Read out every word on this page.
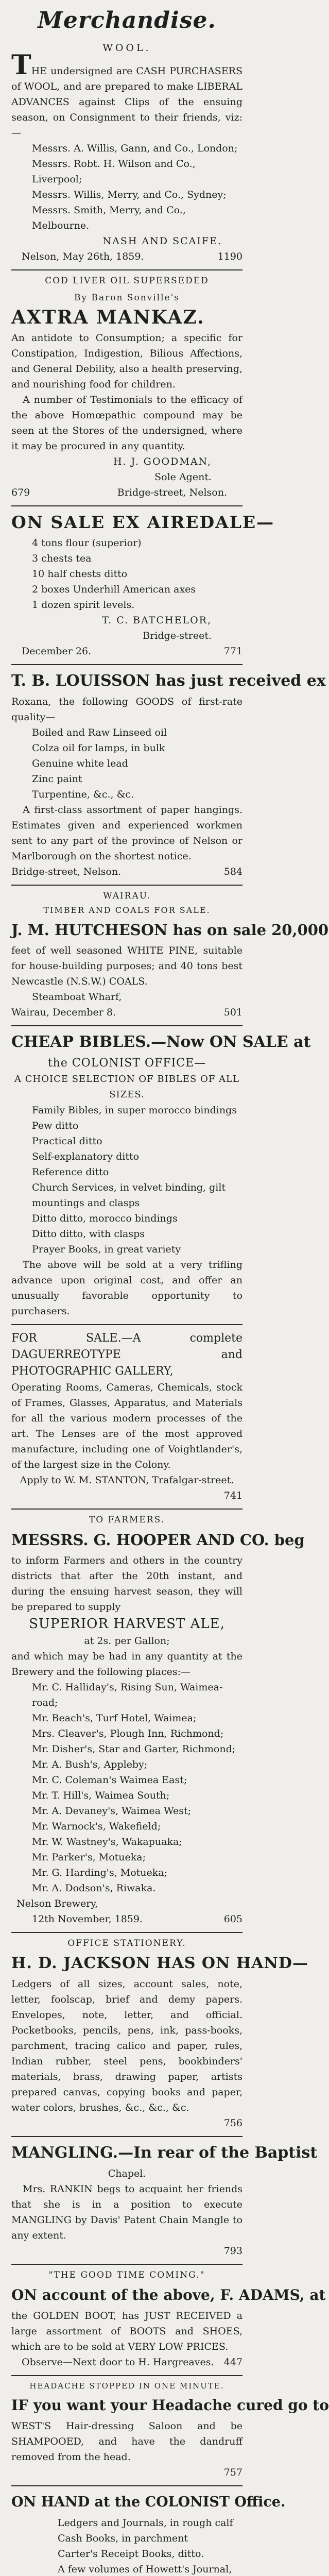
Merchandise.
WOOL.

THE undersigned are CASH PURCHASERS of WOOL, and are prepared to make LIBERAL ADVANCES against Clips of the ensuing season, on Consignment to their friends, viz:—

Messrs. A. Willis, Gann, and Co., London;
Messrs. Robt. H. Wilson and Co., Liverpool;
Messrs. Willis, Merry, and Co., Sydney;
Messrs. Smith, Merry, and Co., Melbourne.
NASH AND SCAIFE.
Nelson, May 26th, 1859.	1190
COD LIVER OIL SUPERSEDED
By Baron Sonville's
AXTRA MANKAZ.

An antidote to Consumption; a specific for Constipation, Indigestion, Bilious Affections, and General Debility, also a health preserving, and nourishing food for children.

A number of Testimonials to the efficacy of the above Homœpathic compound may be seen at the Stores of the undersigned, where it may be procured in any quantity.

H. J. GOODMAN,
Sole Agent.
679	Bridge-street, Nelson.
ON SALE EX AIREDALE—
4 tons flour (superior)
3 chests tea
10 half chests ditto
2 boxes Underhill American axes
1 dozen spirit levels.
T. C. BATCHELOR,
Bridge-street.
December 26.	771
T. B. LOUISSON has just received ex

Roxana, the following GOODS of first-rate quality—

Boiled and Raw Linseed oil
Colza oil for lamps, in bulk
Genuine white lead
Zinc paint
Turpentine, &c., &c.

A first-class assortment of paper hangings. Estimates given and experienced workmen sent to any part of the province of Nelson or Marlborough on the shortest notice.

Bridge-street, Nelson.	584
WAIRAU.
TIMBER AND COALS FOR SALE.
J. M. HUTCHESON has on sale 20,000

feet of well seasoned WHITE PINE, suitable for house-building purposes; and 40 tons best Newcastle (N.S.W.) COALS.

Steamboat Wharf,
Wairau, December 8.	501
CHEAP BIBLES.—Now ON SALE at
the COLONIST OFFICE—
A CHOICE SELECTION OF BIBLES OF ALL SIZES.
Family Bibles, in super morocco bindings
Pew ditto
Practical ditto
Self-explanatory ditto
Reference ditto
Church Services, in velvet binding, gilt mountings and clasps
Ditto ditto, morocco bindings
Ditto ditto, with clasps
Prayer Books, in great variety

The above will be sold at a very trifling advance upon original cost, and offer an unusually favorable opportunity to purchasers.

FOR SALE.—A complete DAGUERREOTYPE and PHOTOGRAPHIC GALLERY,

Operating Rooms, Cameras, Chemicals, stock of Frames, Glasses, Apparatus, and Materials for all the various modern processes of the art. The Lenses are of the most approved manufacture, including one of Voightlander's, of the largest size in the Colony.

Apply to W. M. STANTON, Trafalgar-street.
741
TO FARMERS.
MESSRS. G. HOOPER AND CO. beg

to inform Farmers and others in the country districts that after the 20th instant, and during the ensuing harvest season, they will be prepared to supply

SUPERIOR HARVEST ALE,
at 2s. per Gallon;

and which may be had in any quantity at the Brewery and the following places:—

Mr. C. Halliday's, Rising Sun, Waimea-road;
Mr. Beach's, Turf Hotel, Waimea;
Mrs. Cleaver's, Plough Inn, Richmond;
Mr. Disher's, Star and Garter, Richmond;
Mr. A. Bush's, Appleby;
Mr. C. Coleman's Waimea East;
Mr. T. Hill's, Waimea South;
Mr. A. Devaney's, Waimea West;
Mr. Warnock's, Wakefield;
Mr. W. Wastney's, Wakapuaka;
Mr. Parker's, Motueka;
Mr. G. Harding's, Motueka;
Mr. A. Dodson's, Riwaka.
Nelson Brewery,
12th November, 1859.	605
OFFICE STATIONERY.
H. D. JACKSON HAS ON HAND—

Ledgers of all sizes, account sales, note, letter, foolscap, brief and demy papers. Envelopes, note, letter, and official. Pocketbooks, pencils, pens, ink, pass-books, parchment, tracing calico and paper, rules, Indian rubber, steel pens, bookbinders' materials, brass, drawing paper, artists prepared canvas, copying books and paper, water colors, brushes, &c., &c., &c.

756
MANGLING.—In rear of the Baptist
Chapel.

Mrs. RANKIN begs to acquaint her friends that she is in a position to execute MANGLING by Davis' Patent Chain Mangle to any extent.

793
"THE GOOD TIME COMING."
ON account of the above, F. ADAMS, at

the GOLDEN BOOT, has JUST RECEIVED a large assortment of BOOTS and SHOES, which are to be sold at VERY LOW PRICES.

Observe—Next door to H. Hargreaves. 447
HEADACHE STOPPED IN ONE MINUTE.
IF you want your Headache cured go to

WEST'S Hair-dressing Saloon and be SHAMPOOED, and have the dandruff removed from the head.

757
ON HAND at the COLONIST Office.
Ledgers and Journals, in rough calf
Cash Books, in parchment
Carter's Receipt Books, ditto.
A few volumes of Howett's Journal,
